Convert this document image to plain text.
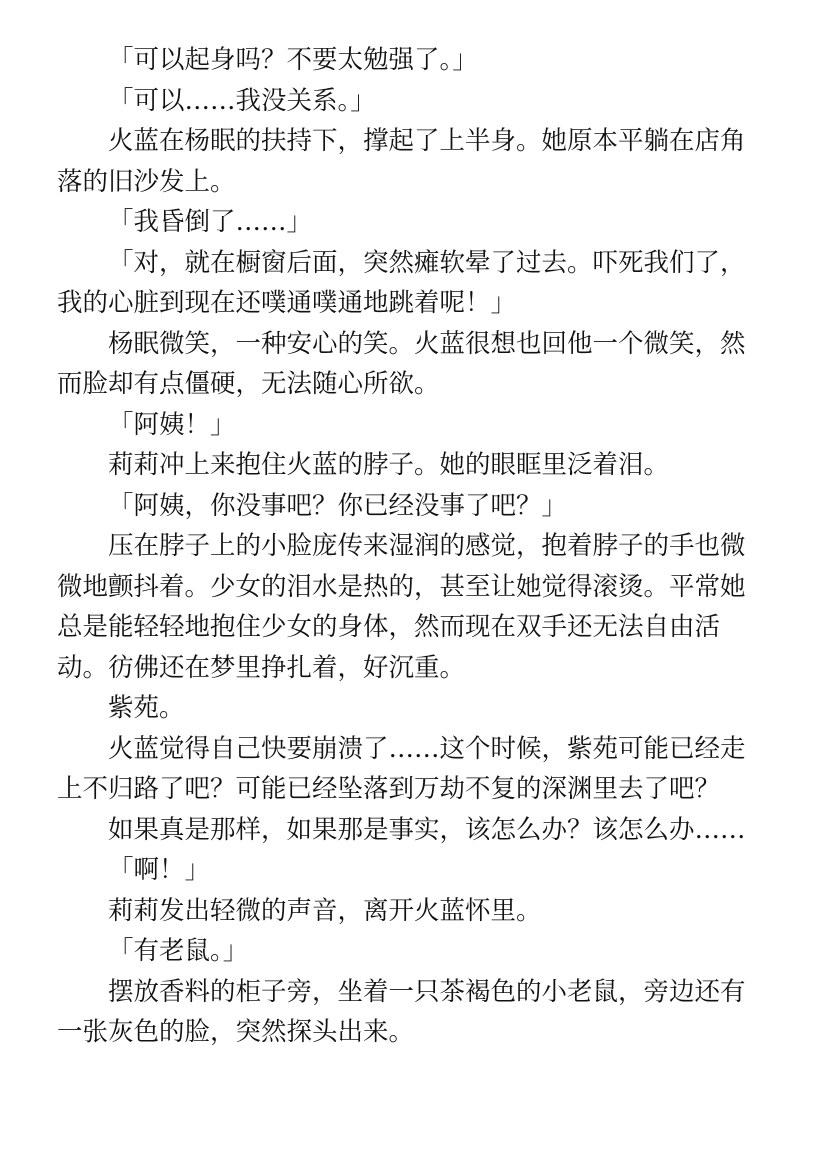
「可以起身吗？不要太勉强了。」

「可以……我没关系。」

火蓝在杨眠的扶持下，撑起了上半身。她原本平躺在店角落的旧沙发上。

「我昏倒了……」

「对，就在橱窗后面，突然瘫软晕了过去。吓死我们了，我的心脏到现在还噗通噗通地跳着呢！」

杨眠微笑，一种安心的笑。火蓝很想也回他一个微笑，然而脸却有点僵硬，无法随心所欲。

「阿姨！」

莉莉冲上来抱住火蓝的脖子。她的眼眶里泛着泪。

「阿姨，你没事吧？你已经没事了吧？」

压在脖子上的小脸庞传来湿润的感觉，抱着脖子的手也微微地颤抖着。少女的泪水是热的，甚至让她觉得滚烫。平常她总是能轻轻地抱住少女的身体，然而现在双手还无法自由活动。彷佛还在梦里挣扎着，好沉重。

紫苑。

火蓝觉得自己快要崩溃了……这个时候，紫苑可能已经走上不归路了吧？可能已经坠落到万劫不复的深渊里去了吧？

如果真是那样，如果那是事实，该怎么办？该怎么办……

「啊！」

莉莉发出轻微的声音，离开火蓝怀里。

「有老鼠。」

摆放香料的柜子旁，坐着一只茶褐色的小老鼠，旁边还有一张灰色的脸，突然探头出来。
